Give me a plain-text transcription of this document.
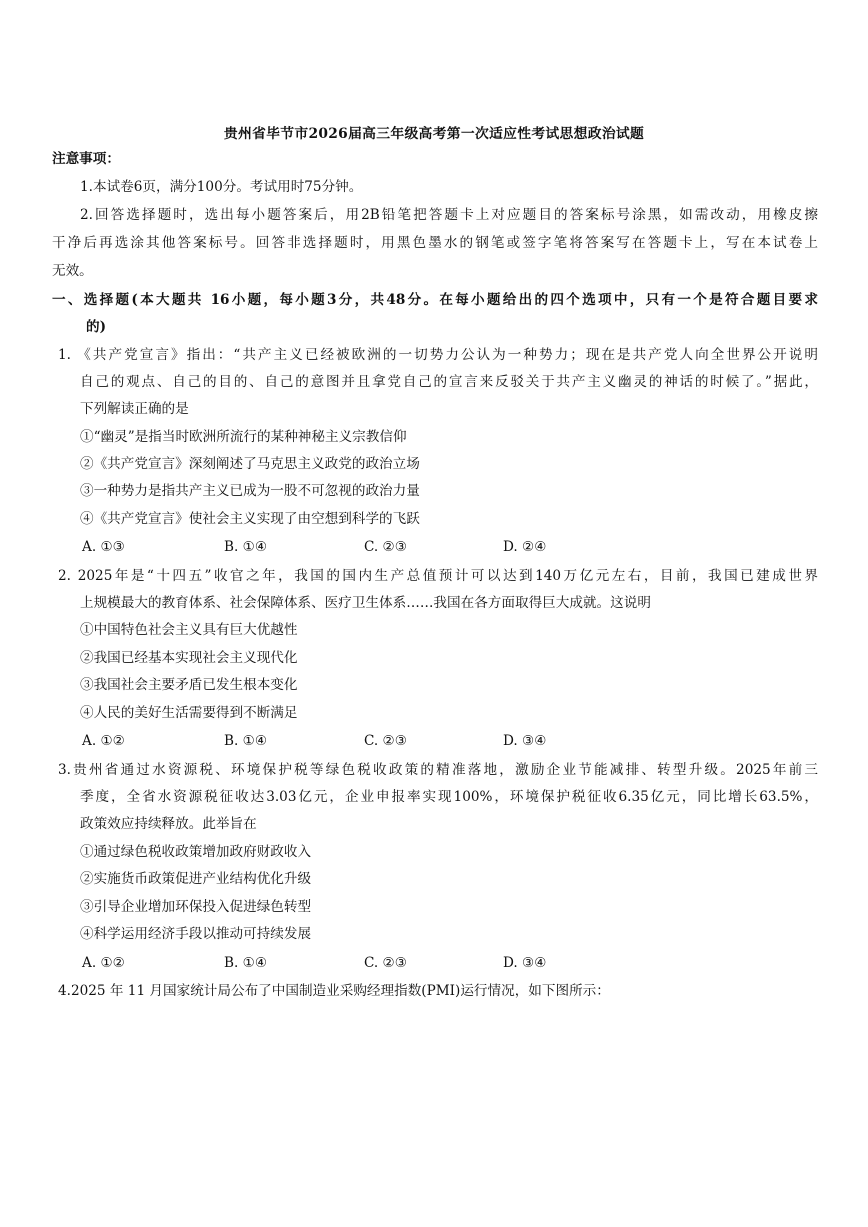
贵州省毕节市2026届高三年级高考第一次适应性考试思想政治试题
注意事项：
1.本试卷6页，满分100分。考试用时75分钟。
2.回答选择题时，选出每小题答案后，用2B铅笔把答题卡上对应题目的答案标号涂黑，如需改动，用橡皮擦
干净后再选涂其他答案标号。回答非选择题时，用黑色墨水的钢笔或签字笔将答案写在答题卡上，写在本试卷上
无效。
一、选择题(本大题共 16小题，每小题3分，共48分。在每小题给出的四个选项中，只有一个是符合题目要求
的)
1. 《共产党宣言》指出：“共产主义已经被欧洲的一切势力公认为一种势力；现在是共产党人向全世界公开说明
自己的观点、自己的目的、自己的意图并且拿党自己的宣言来反驳关于共产主义幽灵的神话的时候了。”据此，
下列解读正确的是
①“幽灵”是指当时欧洲所流行的某种神秘主义宗教信仰
②《共产党宣言》深刻阐述了马克思主义政党的政治立场
③一种势力是指共产主义已成为一股不可忽视的政治力量
④《共产党宣言》使社会主义实现了由空想到科学的飞跃
A. ①③	B. ①④	C. ②③	D. ②④
2. 2025年是“十四五”收官之年，我国的国内生产总值预计可以达到140万亿元左右，目前，我国已建成世界
上规模最大的教育体系、社会保障体系、医疗卫生体系……我国在各方面取得巨大成就。这说明
①中国特色社会主义具有巨大优越性
②我国已经基本实现社会主义现代化
③我国社会主要矛盾已发生根本变化
④人民的美好生活需要得到不断满足
A. ①②	B. ①④	C. ②③	D. ③④
3.贵州省通过水资源税、环境保护税等绿色税收政策的精准落地，激励企业节能减排、转型升级。2025年前三
季度，全省水资源税征收达3.03亿元，企业申报率实现100%，环境保护税征收6.35亿元，同比增长63.5%，
政策效应持续释放。此举旨在
①通过绿色税收政策增加政府财政收入
②实施货币政策促进产业结构优化升级
③引导企业增加环保投入促进绿色转型
④科学运用经济手段以推动可持续发展
A. ①②	B. ①④	C. ②③	D. ③④
4.2025 年 11 月国家统计局公布了中国制造业采购经理指数(PMI)运行情况，如下图所示：
